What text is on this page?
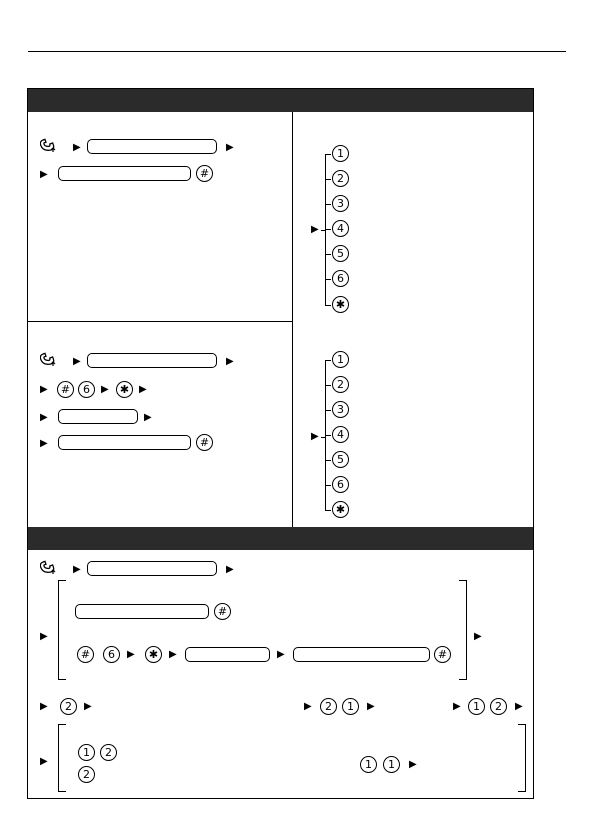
▶	▶
▶	#
▶
1
2
3
4
5
6
✱
▶	▶
▶	#	6	▶	✱ ▶
▶	▶
▶	#	▶
1
2
3
4
5
6
✱
▶	▶
▶	▶
#
#	6	▶	✱	▶	▶	#
▶	2	▶	▶	2	1	▶	▶	1	2	▶
▶
1	2
2
1	1	▶
